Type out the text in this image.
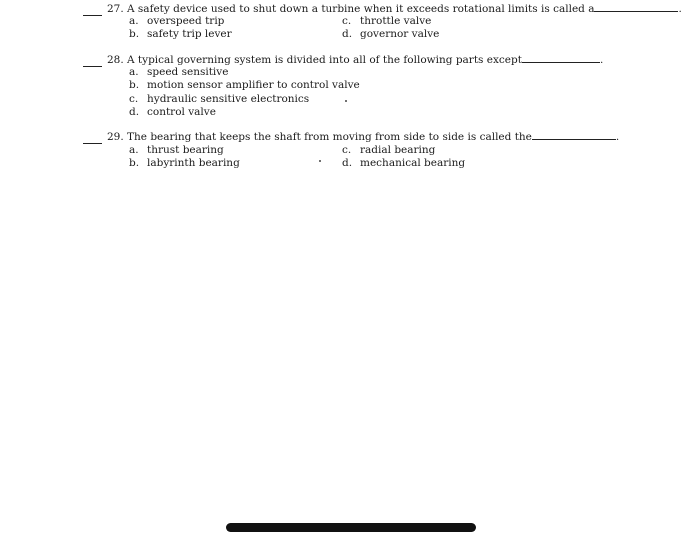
27. A safety device used to shut down a turbine when it exceeds rotational limits is called a	.
a. overspeed trip
b. safety trip lever
c. throttle valve
d. governor valve
28. A typical governing system is divided into all of the following parts except	.
a. speed sensitive
b. motion sensor amplifier to control valve
c. hydraulic sensitive electronics
d. control valve
29. The bearing that keeps the shaft from moving from side to side is called the	.
a. thrust bearing
b. labyrinth bearing
c. radial bearing
d. mechanical bearing
